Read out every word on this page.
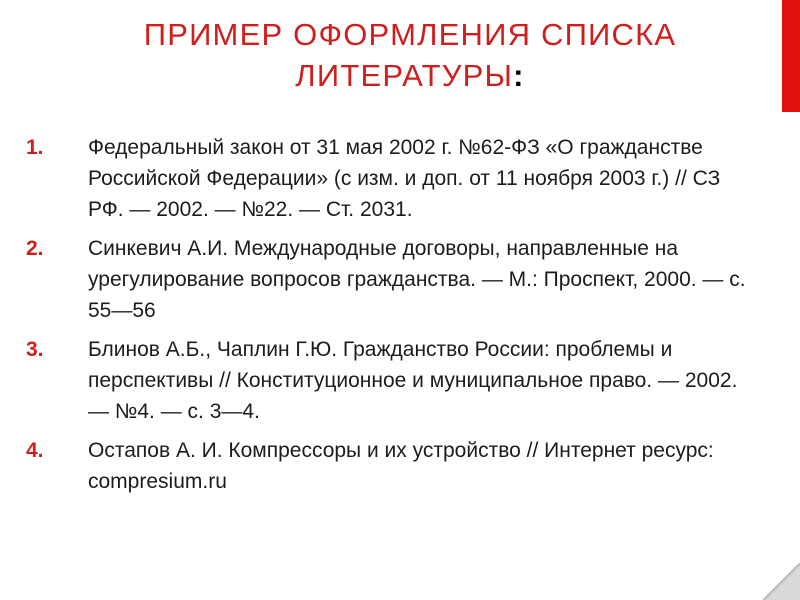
ПРИМЕР ОФОРМЛЕНИЯ СПИСКА
ЛИТЕРАТУРЫ:
1. Федеральный закон от 31 мая 2002 г. №62-ФЗ «О гражданстве Российской Федерации» (с изм. и доп. от 11 ноября 2003 г.) // СЗ РФ. — 2002. — №22. — Ст. 2031.
2. Синкевич А.И. Международные договоры, направленные на урегулирование вопросов гражданства. — М.: Проспект, 2000. — с. 55—56
3. Блинов А.Б., Чаплин Г.Ю. Гражданство России: проблемы и перспективы // Конституционное и муниципальное право. — 2002. — №4. — с. 3—4.
4. Остапов А. И. Компрессоры и их устройство // Интернет ресурс: compresium.ru
